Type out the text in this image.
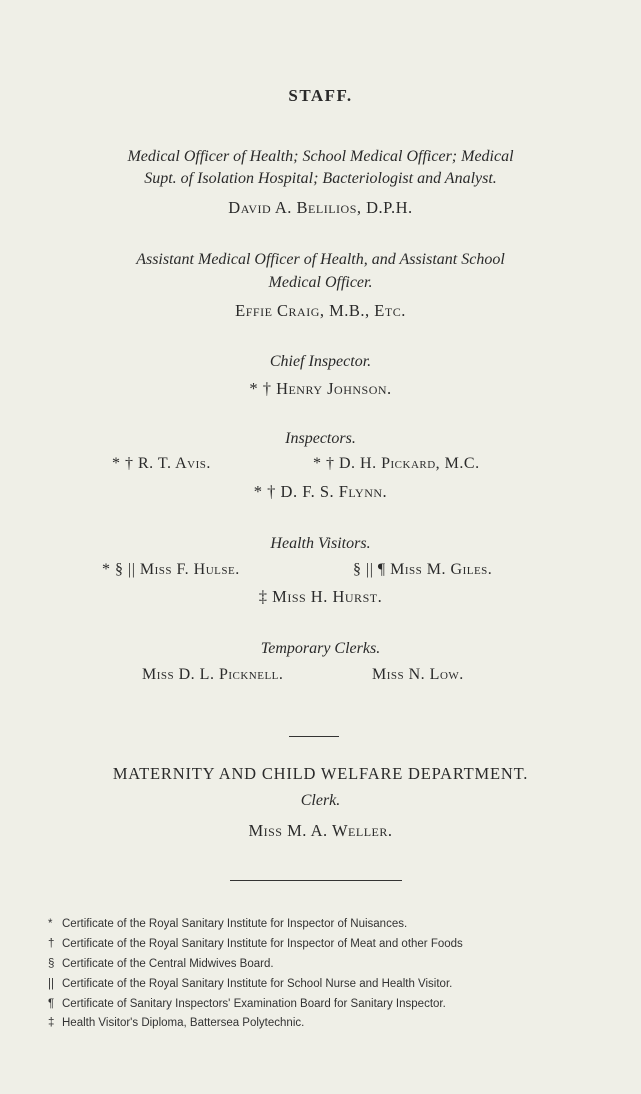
STAFF.
Medical Officer of Health; School Medical Officer; Medical
Supt. of Isolation Hospital; Bacteriologist and Analyst.
David A. Belilios, D.P.H.
Assistant Medical Officer of Health, and Assistant School
Medical Officer.
Effie Craig, M.B., Etc.
Chief Inspector.
* † Henry Johnson.
Inspectors.
* † R. T. Avis.	* † D. H. Pickard, M.C.
* † D. F. S. Flynn.
Health Visitors.
* § || Miss F. Hulse.	§ || ¶ Miss M. Giles.
‡ Miss H. Hurst.
Temporary Clerks.
Miss D. L. Picknell.	Miss N. Low.
MATERNITY AND CHILD WELFARE DEPARTMENT.
Clerk.
Miss M. A. Weller.
* Certificate of the Royal Sanitary Institute for Inspector of Nuisances.
† Certificate of the Royal Sanitary Institute for Inspector of Meat and other Foods
§ Certificate of the Central Midwives Board.
|| Certificate of the Royal Sanitary Institute for School Nurse and Health Visitor.
¶ Certificate of Sanitary Inspectors' Examination Board for Sanitary Inspector.
‡ Health Visitor's Diploma, Battersea Polytechnic.
